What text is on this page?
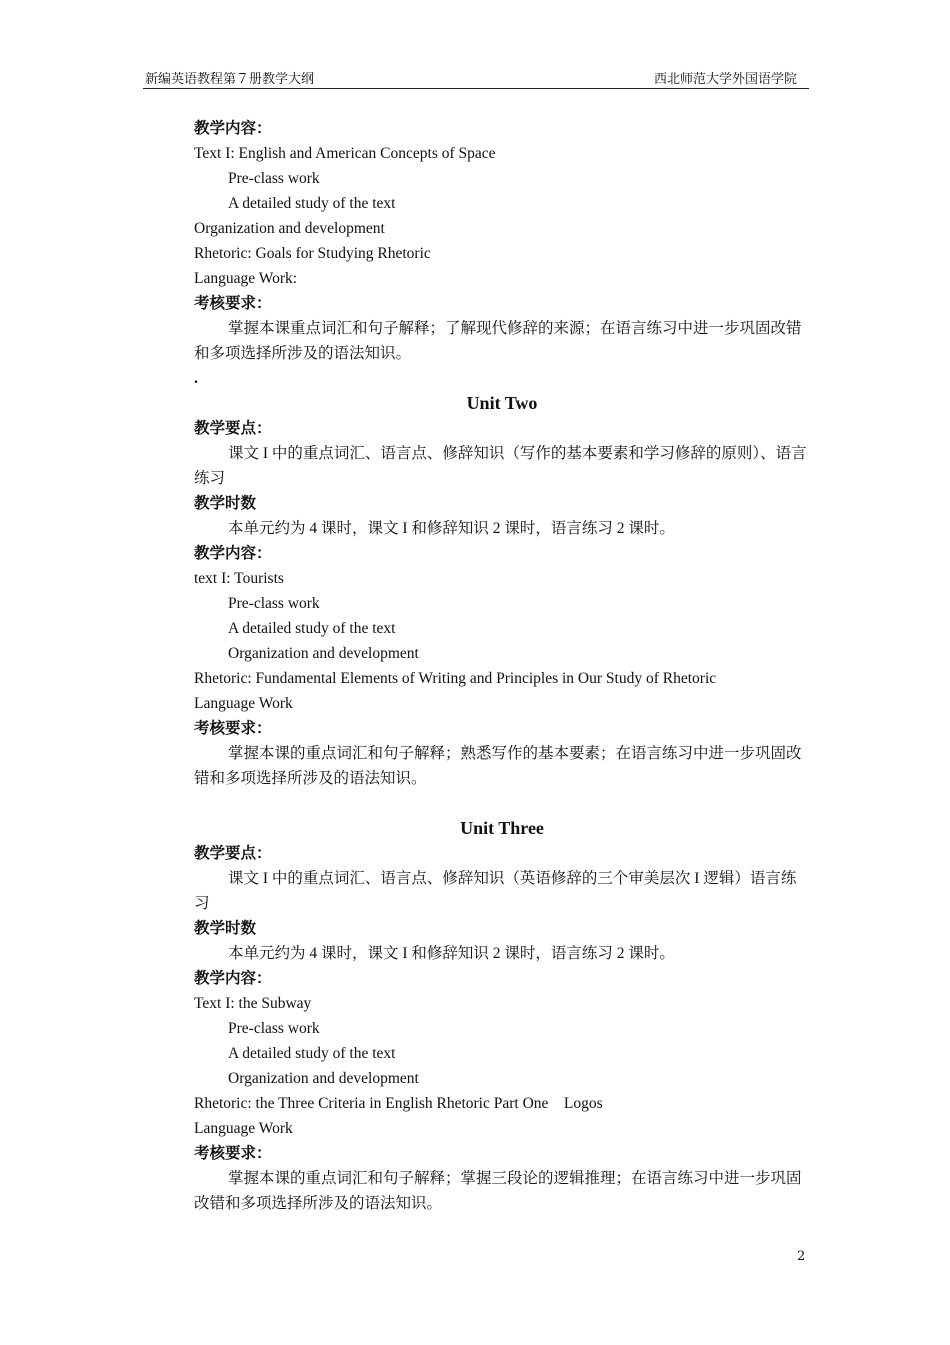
新编英语教程第７册教学大纲	西北师范大学外国语学院
教学内容：
Text I: English and American Concepts of Space
Pre-class work
A detailed study of the text
Organization and development
Rhetoric: Goals for Studying Rhetoric
Language Work:
考核要求：
掌握本课重点词汇和句子解释；了解现代修辞的来源；在语言练习中进一步巩固改错和多项选择所涉及的语法知识。
.
Unit Two
教学要点：
课文 I 中的重点词汇、语言点、修辞知识（写作的基本要素和学习修辞的原则）、语言练习
教学时数
本单元约为 4 课时，课文 I 和修辞知识 2 课时，语言练习 2 课时。
教学内容：
text I: Tourists
Pre-class work
A detailed study of the text
Organization and development
Rhetoric: Fundamental Elements of Writing and Principles in Our Study of Rhetoric
Language Work
考核要求：
掌握本课的重点词汇和句子解释；熟悉写作的基本要素；在语言练习中进一步巩固改错和多项选择所涉及的语法知识。
Unit Three
教学要点：
课文 I 中的重点词汇、语言点、修辞知识（英语修辞的三个审美层次 I 逻辑）语言练习
教学时数
本单元约为 4 课时，课文 I 和修辞知识 2 课时，语言练习 2 课时。
教学内容：
Text I: the Subway
Pre-class work
A detailed study of the text
Organization and development
Rhetoric: the Three Criteria in English Rhetoric Part One    Logos
Language Work
考核要求：
掌握本课的重点词汇和句子解释；掌握三段论的逻辑推理；在语言练习中进一步巩固改错和多项选择所涉及的语法知识。
2
